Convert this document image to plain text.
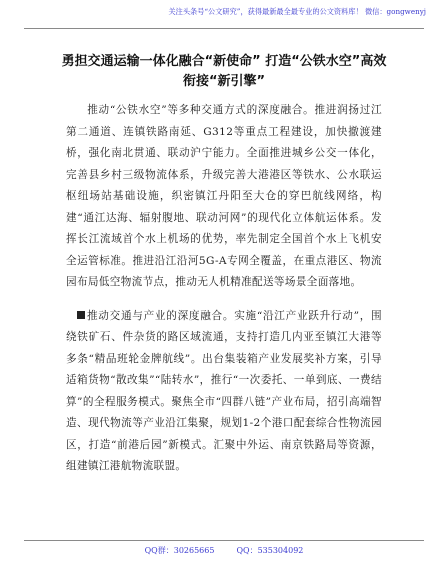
关注头条号“公文研究”，获得最新最全最专业的公文资料库！ 微信：gongwenyj
勇担交通运输一体化融合“新使命” 打造“公铁水空”高效
衔接“新引擎”

推动“公铁水空”等多种交通方式的深度融合。推进润扬过江第二通道、连镇铁路南延、G312等重点工程建设，加快撤渡建桥，强化南北贯通、联动沪宁能力。全面推进城乡公交一体化，完善县乡村三级物流体系，升级完善大港港区等铁水、公水联运枢纽场站基础设施，织密镇江丹阳至大仓的穿巴航线网络，构建“通江达海、辐射腹地、联动河网”的现代化立体航运体系。发挥长江流域首个水上机场的优势，率先制定全国首个水上飞机安全运管标准。推进沿江沿河5G-A专网全覆盖，在重点港区、物流园布局低空物流节点，推动无人机精准配送等场景全面落地。

推动交通与产业的深度融合。实施“沿江产业跃升行动”，围绕铁矿石、件杂货的路区域流通，支持打造几内亚至镇江大港等多条“精品班轮金牌航线”。出台集装箱产业发展奖补方案，引导适箱货物“散改集”“陆转水”，推行“一次委托、一单到底、一费结算”的全程服务模式。聚焦全市“四群八链”产业布局，招引高端智造、现代物流等产业沿江集聚，规划1-2个港口配套综合性物流园区，打造“前港后园”新模式。汇聚中外运、南京铁路局等资源，组建镇江港航物流联盟。

QQ群：30265665	QQ：535304092
